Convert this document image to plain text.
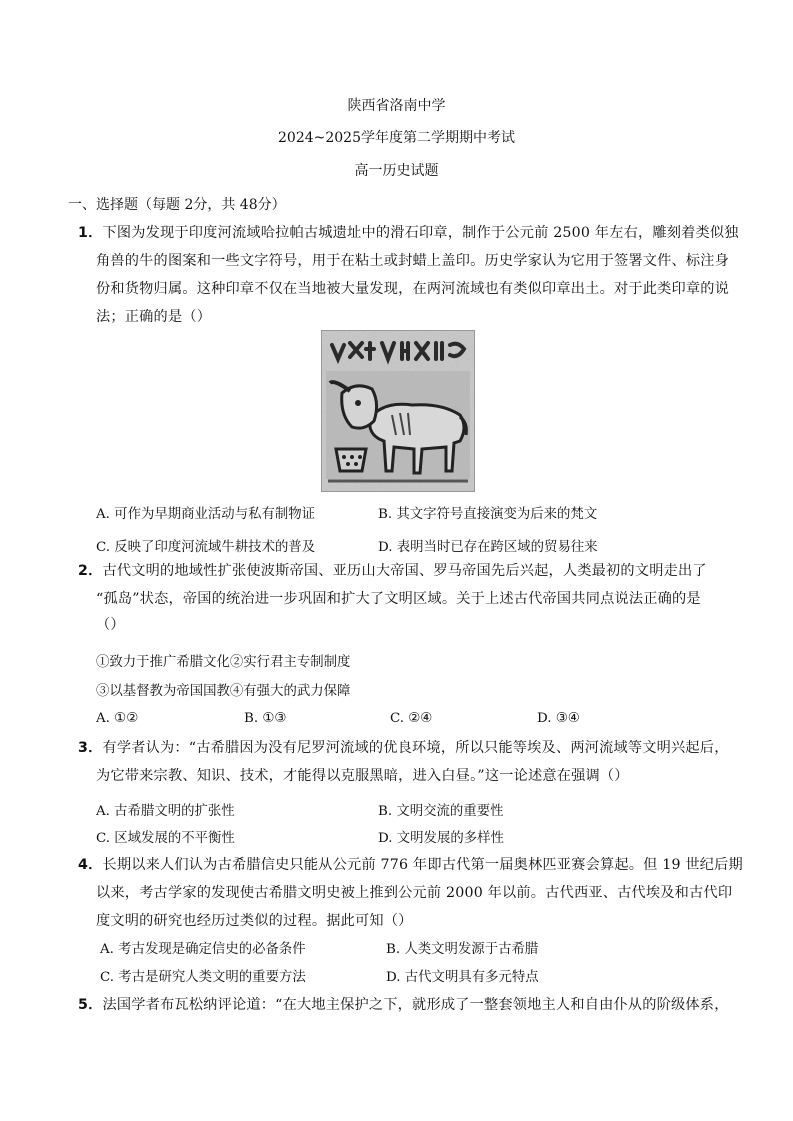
陕西省洛南中学
2024~2025学年度第二学期期中考试
高一历史试题
一、选择题（每题 2分，共 48分）
1．下图为发现于印度河流域哈拉帕古城遗址中的滑石印章，制作于公元前 2500 年左右，雕刻着类似独
角兽的牛的图案和一些文字符号，用于在粘土或封蜡上盖印。历史学家认为它用于签署文件、标注身
份和货物归属。这种印章不仅在当地被大量发现，在两河流域也有类似印章出土。对于此类印章的说
法；正确的是（）
A. 可作为早期商业活动与私有制物证	B. 其文字符号直接演变为后来的梵文
C. 反映了印度河流域牛耕技术的普及	D. 表明当时已存在跨区域的贸易往来
2．古代文明的地域性扩张使波斯帝国、亚历山大帝国、罗马帝国先后兴起，人类最初的文明走出了
“孤岛”状态，帝国的统治进一步巩固和扩大了文明区域。关于上述古代帝国共同点说法正确的是
（）
①致力于推广希腊文化②实行君主专制制度
③以基督教为帝国国教④有强大的武力保障
A. ①②	B. ①③	C. ②④	D. ③④
3．有学者认为：“古希腊因为没有尼罗河流域的优良环境，所以只能等埃及、两河流域等文明兴起后，
为它带来宗教、知识、技术，才能得以克服黑暗，进入白昼。”这一论述意在强调（）
A. 古希腊文明的扩张性	B. 文明交流的重要性
C. 区域发展的不平衡性	D. 文明发展的多样性
4．长期以来人们认为古希腊信史只能从公元前 776 年即古代第一届奥林匹亚赛会算起。但 19 世纪后期
以来，考古学家的发现使古希腊文明史被上推到公元前 2000 年以前。古代西亚、古代埃及和古代印
度文明的研究也经历过类似的过程。据此可知（）
A. 考古发现是确定信史的必备条件	B. 人类文明发源于古希腊
C. 考古是研究人类文明的重要方法	D. 古代文明具有多元特点
5．法国学者布瓦松纳评论道：“在大地主保护之下，就形成了一整套领地主人和自由仆从的阶级体系，
